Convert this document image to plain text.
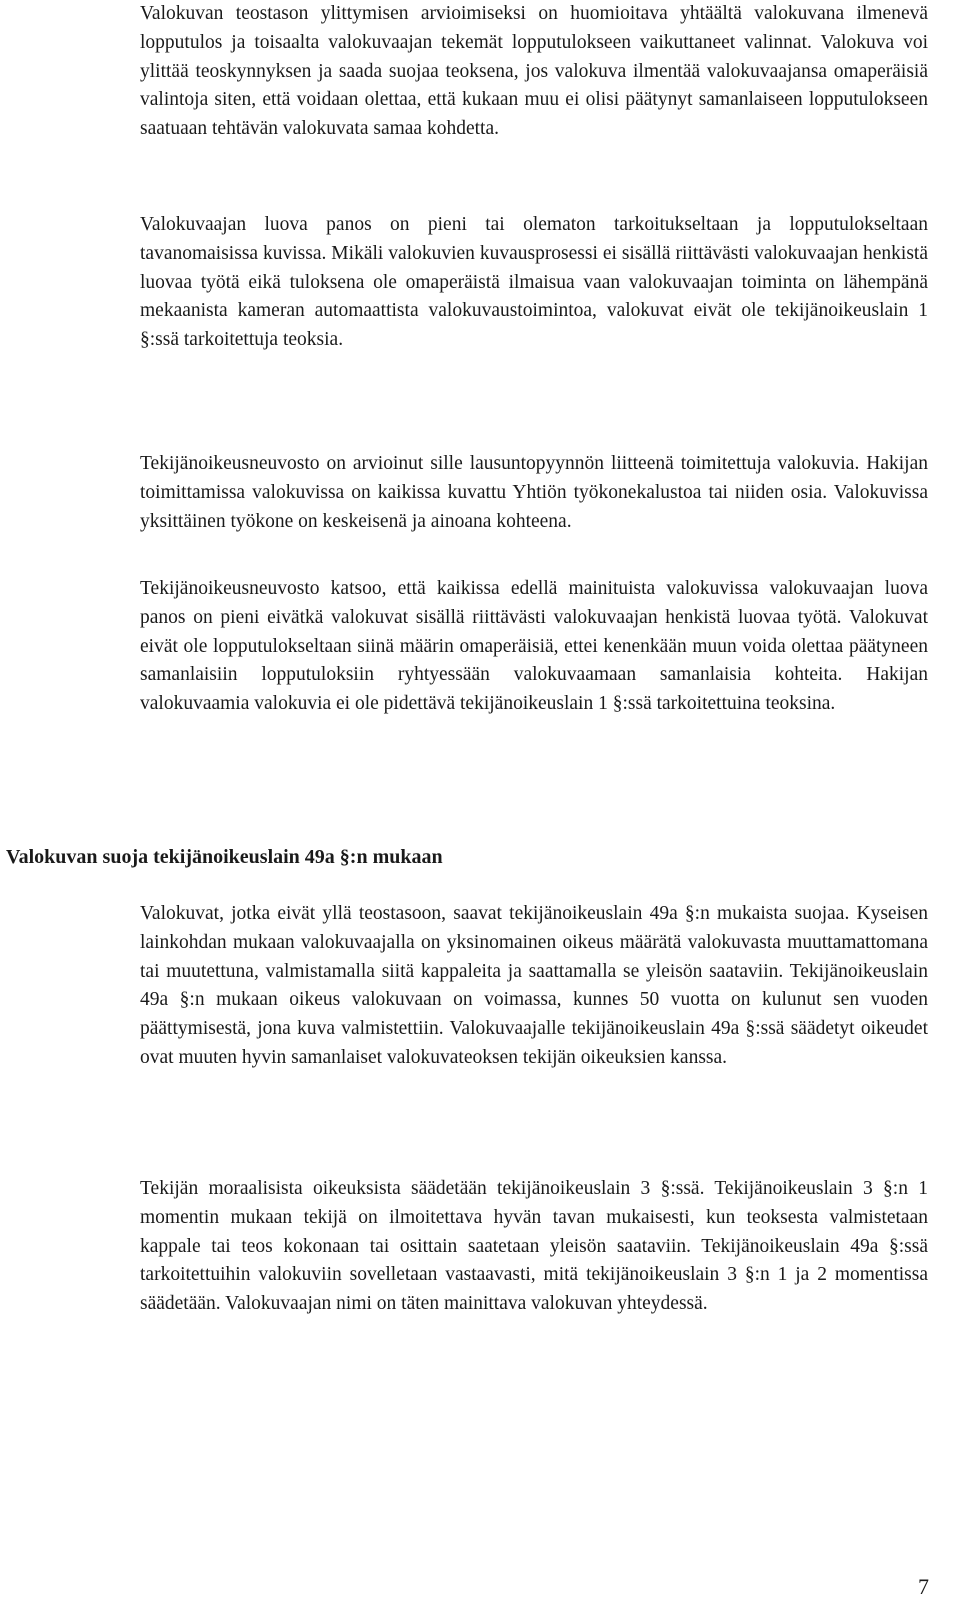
Valokuvan teostason ylittymisen arvioimiseksi on huomioitava yhtäältä valokuvana ilmenevä lopputulos ja toisaalta valokuvaajan tekemät lopputulokseen vaikuttaneet valinnat. Valokuva voi ylittää teoskynnyksen ja saada suojaa teoksena, jos valokuva ilmentää valokuvaajansa omaperäisiä valintoja siten, että voidaan olettaa, että kukaan muu ei olisi päätynyt samanlaiseen lopputulokseen saatuaan tehtävän valokuvata samaa kohdetta.

Valokuvaajan luova panos on pieni tai olematon tarkoitukseltaan ja lopputulokseltaan tavanomaisissa kuvissa. Mikäli valokuvien kuvausprosessi ei sisällä riittävästi valokuvaajan henkistä luovaa työtä eikä tuloksena ole omaperäistä ilmaisua vaan valokuvaajan toiminta on lähempänä mekaanista kameran automaattista valokuvaustoimintoa, valokuvat eivät ole tekijänoikeuslain 1 §:ssä tarkoitettuja teoksia.

Tekijänoikeusneuvosto on arvioinut sille lausuntopyynnön liitteenä toimitettuja valokuvia. Hakijan toimittamissa valokuvissa on kaikissa kuvattu Yhtiön työkonekalustoa tai niiden osia. Valokuvissa yksittäinen työkone on keskeisenä ja ainoana kohteena.

Tekijänoikeusneuvosto katsoo, että kaikissa edellä mainituista valokuvissa valokuvaajan luova panos on pieni eivätkä valokuvat sisällä riittävästi valokuvaajan henkistä luovaa työtä. Valokuvat eivät ole lopputulokseltaan siinä määrin omaperäisiä, ettei kenenkään muun voida olettaa päätyneen samanlaisiin lopputuloksiin ryhtyessään valokuvaamaan samanlaisia kohteita. Hakijan valokuvaamia valokuvia ei ole pidettävä tekijänoikeuslain 1 §:ssä tarkoitettuina teoksina.

Valokuvan suoja tekijänoikeuslain 49a §:n mukaan

Valokuvat, jotka eivät yllä teostasoon, saavat tekijänoikeuslain 49a §:n mukaista suojaa. Kyseisen lainkohdan mukaan valokuvaajalla on yksinomainen oikeus määrätä valokuvasta muuttamattomana tai muutettuna, valmistamalla siitä kappaleita ja saattamalla se yleisön saataviin. Tekijänoikeuslain 49a §:n mukaan oikeus valokuvaan on voimassa, kunnes 50 vuotta on kulunut sen vuoden päättymisestä, jona kuva valmistettiin. Valokuvaajalle tekijänoikeuslain 49a §:ssä säädetyt oikeudet ovat muuten hyvin samanlaiset valokuvateoksen tekijän oikeuksien kanssa.

Tekijän moraalisista oikeuksista säädetään tekijänoikeuslain 3 §:ssä. Tekijänoikeuslain 3 §:n 1 momentin mukaan tekijä on ilmoitettava hyvän tavan mukaisesti, kun teoksesta valmistetaan kappale tai teos kokonaan tai osittain saatetaan yleisön saataviin. Tekijänoikeuslain 49a §:ssä tarkoitettuihin valokuviin sovelletaan vastaavasti, mitä tekijänoikeuslain 3 §:n 1 ja 2 momentissa säädetään. Valokuvaajan nimi on täten mainittava valokuvan yhteydessä.

7
